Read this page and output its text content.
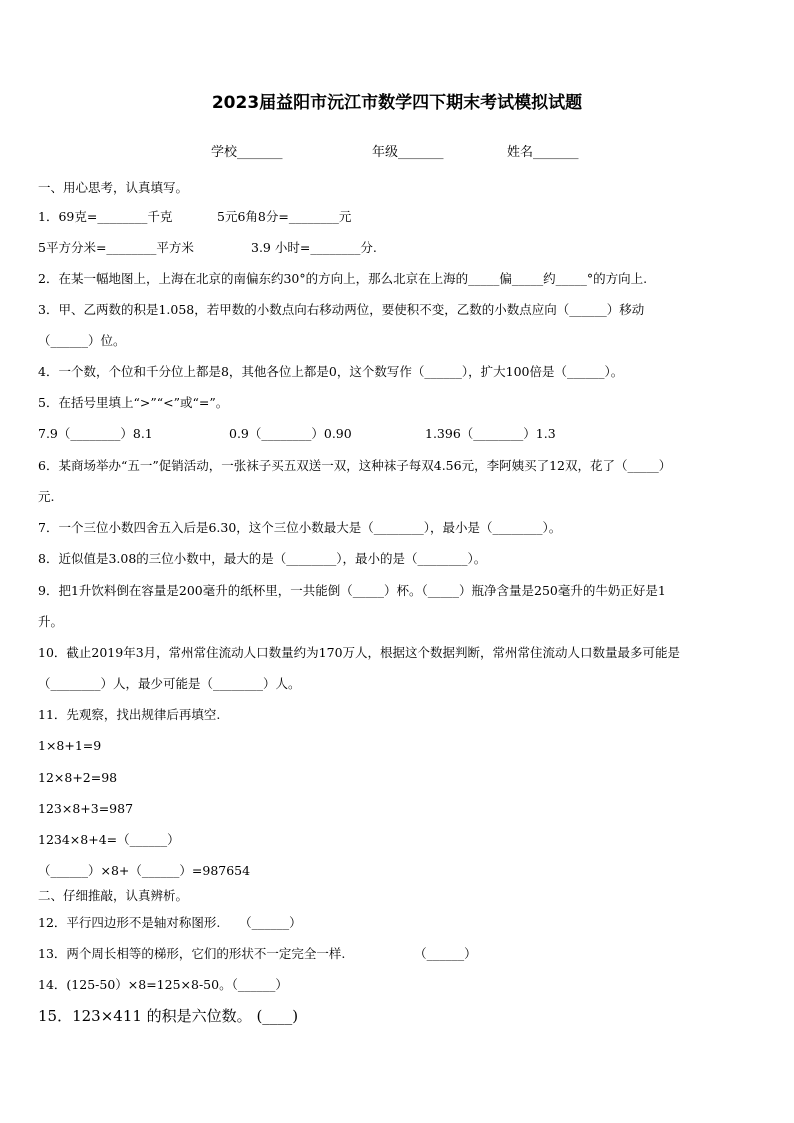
2023届益阳市沅江市数学四下期末考试模拟试题
学校_______	年级_______	姓名_______
一、用心思考，认真填写。
1．69克=________千克	5元6角8分=________元
5平方分米=________平方米	3.9 小时=________分.
2．在某一幅地图上，上海在北京的南偏东约30°的方向上，那么北京在上海的_____偏_____约_____°的方向上.
3．甲、乙两数的积是1.058，若甲数的小数点向右移动两位，要使积不变，乙数的小数点应向（______）移动
（______）位。
4．一个数，个位和千分位上都是8，其他各位上都是0，这个数写作（______），扩大100倍是（______）。
5．在括号里填上“>”“<”或“=”。
7.9（________）8.1	0.9（________）0.90	1.396（________）1.3
6．某商场举办“五一”促销活动，一张袜子买五双送一双，这种袜子每双4.56元，李阿姨买了12双，花了（_____）
元.
7．一个三位小数四舍五入后是6.30，这个三位小数最大是（________），最小是（________）。
8．近似值是3.08的三位小数中，最大的是（________），最小的是（________）。
9．把1升饮料倒在容量是200毫升的纸杯里，一共能倒（_____）杯。（_____）瓶净含量是250毫升的牛奶正好是1
升。
10．截止2019年3月，常州常住流动人口数量约为170万人，根据这个数据判断，常州常住流动人口数量最多可能是
（________）人，最少可能是（________）人。
11．先观察，找出规律后再填空.
1×8+1=9
12×8+2=98
123×8+3=987
1234×8+4=（______）
（______）×8+（______）=987654
二、仔细推敲，认真辨析。
12．平行四边形不是轴对称图形.　　（______）
13．两个周长相等的梯形，它们的形状不一定完全一样.　　　　　　（______）
14．(125-50）×8=125×8-50。（______）
15．123×411 的积是六位数。 (____)
